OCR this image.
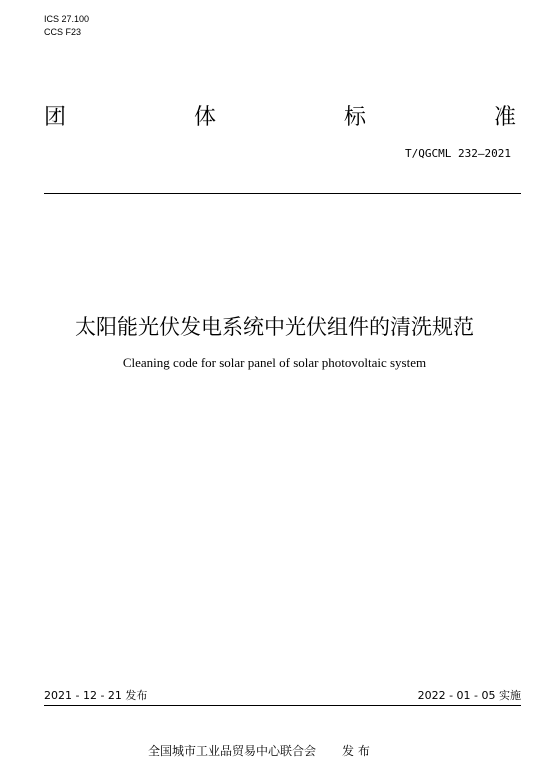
ICS 27.100
CCS F23
团	体	标	准
T/QGCML 232—2021
太阳能光伏发电系统中光伏组件的清洗规范
Cleaning code for solar panel of solar photovoltaic system
2021 - 12 - 21 发布	2022 - 01 - 05 实施
全国城市工业品贸易中心联合会 发 布
